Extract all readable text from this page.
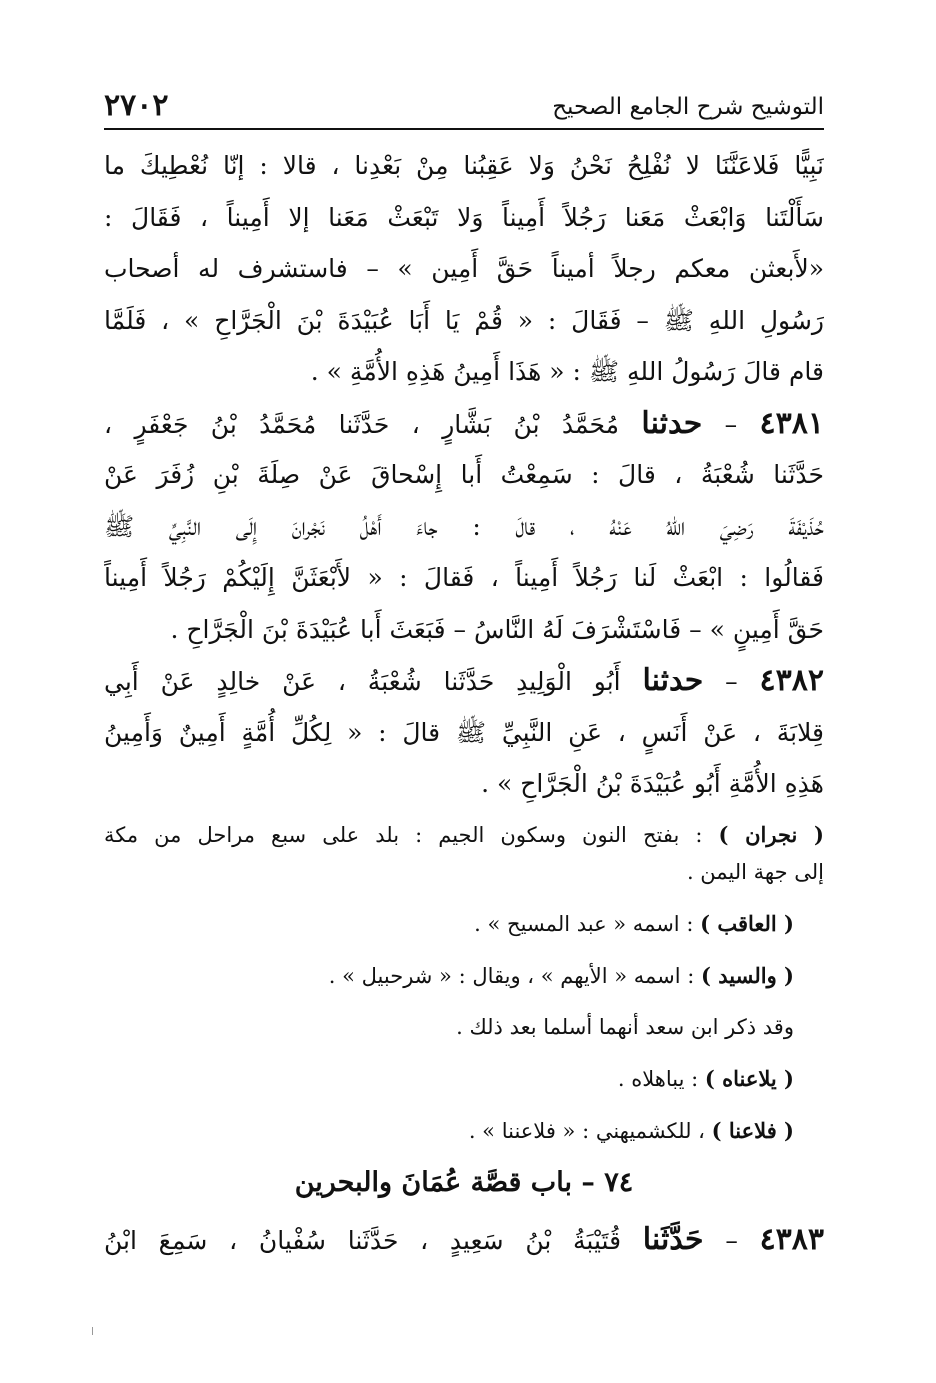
٢٧٠٢	التوشيح شرح الجامع الصحيح
نَبِيًّا فَلاعَنَّنَا لا نُفْلِحُ نَحْنُ وَلا عَقِبُنا مِنْ بَعْدِنا ، قالا : إنّا نُعْطِيكَ ما
سَأَلْتَنا وَابْعَثْ مَعَنا رَجُلاً أَمِيناً وَلا تَبْعَثْ مَعَنا إلا أَمِيناً ، فَقَالَ :
«لأَبعثن معكم رجلاً أميناً حَقَّ أَمِين » – فاستشرف له أصحاب
رَسُولِ اللهِ ﷺ – فَقَالَ : « قُمْ يَا أَبَا عُبَيْدَةَ بْنَ الْجَرَّاحِ » ، فَلَمَّا
قام قالَ رَسُولُ اللهِ ﷺ : « هَذَا أَمِينُ هَذِهِ الأُمَّةِ » .
٤٣٨١ – حدثنا مُحَمَّدُ بْنُ بَشَّارٍ ، حَدَّثَنا مُحَمَّدُ بْنُ جَعْفَرٍ ،
حَدَّثَنا شُعْبَةُ ، قالَ : سَمِعْتُ أَبا إِسْحاقَ عَنْ صِلَةَ بْنِ زُفَرَ عَنْ
حُذَيْفَةَ رَضِيَ اللهُ عَنْهُ ، قالَ : جاءَ أَهْلُ نَجْرانَ إِلَى النَّبِيِّ ﷺ
فَقالُوا : ابْعَثْ لَنا رَجُلاً أَمِيناً ، فَقالَ : « لأَبْعَثَنَّ إِلَيْكُمْ رَجُلاً أَمِيناً
حَقَّ أَمِينٍ » – فَاسْتَشْرَفَ لَهُ النَّاسُ – فَبَعَثَ أَبا عُبَيْدَةَ بْنَ الْجَرَّاحِ .
٤٣٨٢ – حدثنا أَبُو الْوَلِيدِ حَدَّثَنا شُعْبَةُ ، عَنْ خالِدٍ عَنْ أَبِي
قِلابَةَ ، عَنْ أَنَسٍ ، عَنِ النَّبِيِّ ﷺ قالَ : « لِكُلِّ أُمَّةٍ أَمِينٌ وَأَمِينُ
هَذِهِ الأُمَّةِ أَبُو عُبَيْدَةَ بْنُ الْجَرَّاحِ » .
( نجران ) : بفتح النون وسكون الجيم : بلد على سبع مراحل من مكة
إلى جهة اليمن .
( العاقب ) : اسمه « عبد المسيح » .
( والسيد ) : اسمه « الأيهم » ، ويقال : « شرحبيل » .
وقد ذكر ابن سعد أنهما أسلما بعد ذلك .
( يلاعناه ) : يباهلاه .
( فلاعنا ) ، للكشميهني : « فلاعننا » .
٧٤ – باب قصَّة عُمَانَ والبحرين
٤٣٨٣ – حَدَّثَنا قُتَيْبَةُ بْنُ سَعِيدٍ ، حَدَّثَنا سُفْيانُ ، سَمِعَ ابْنُ
